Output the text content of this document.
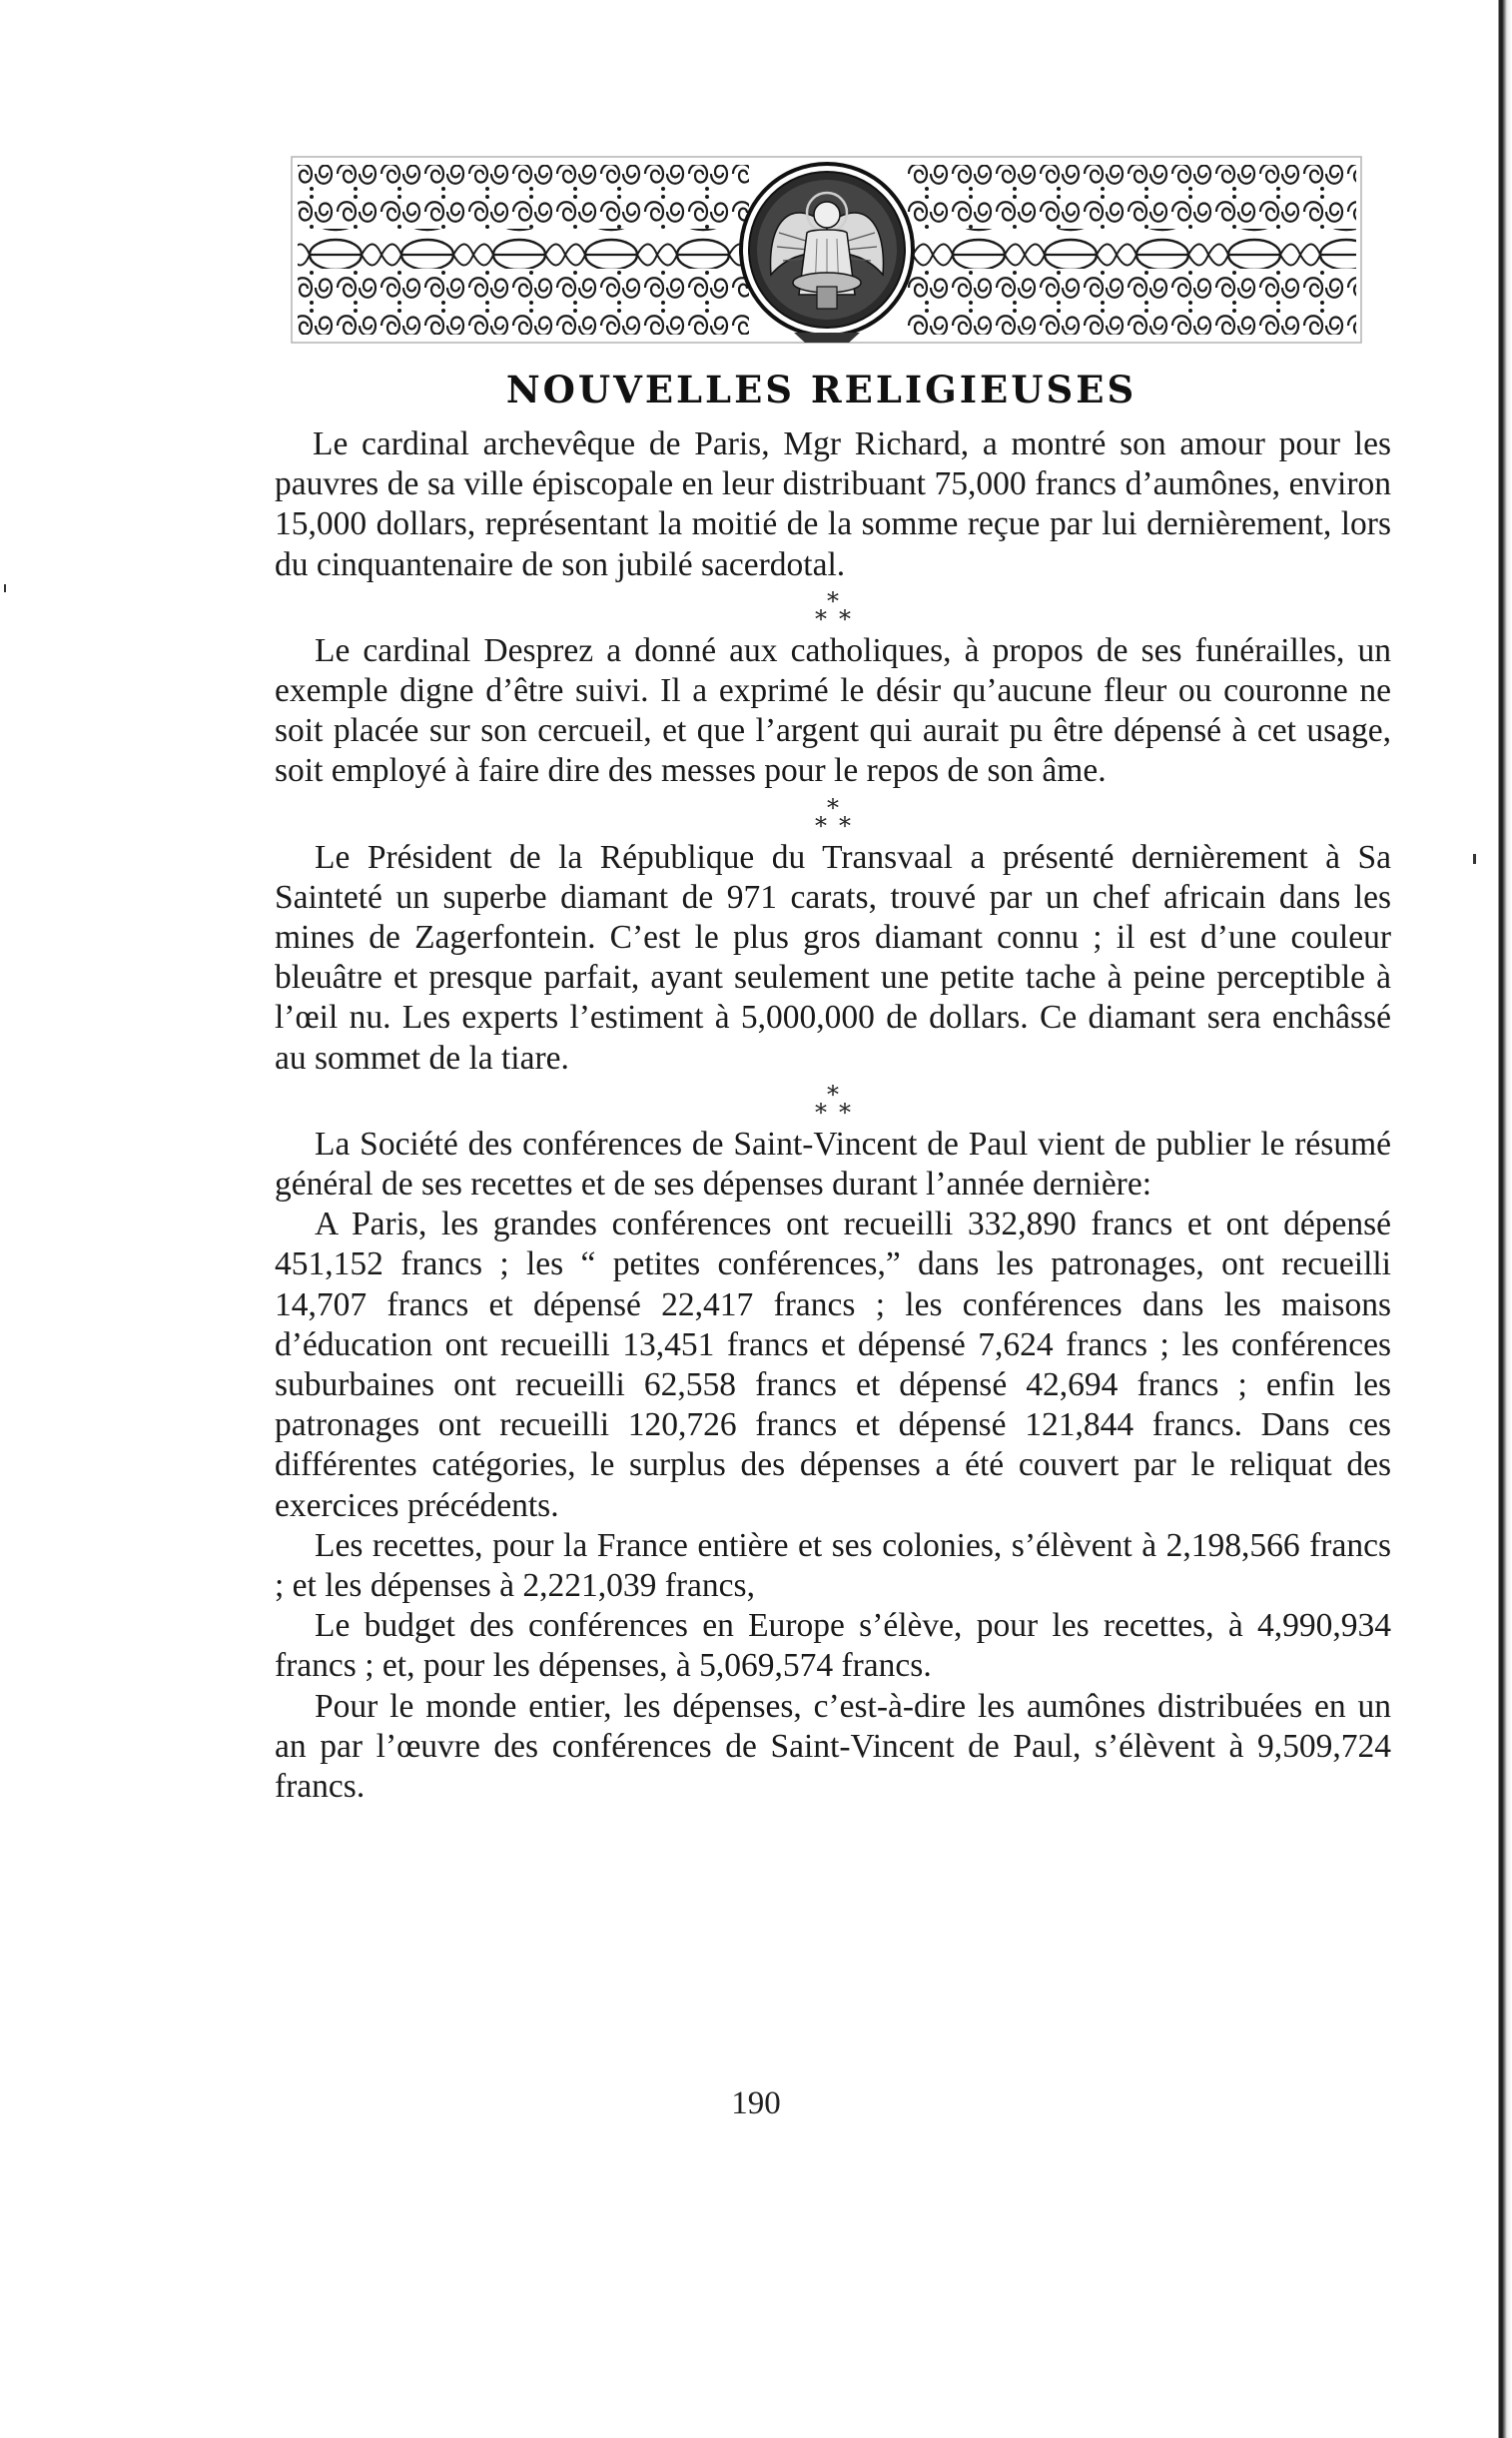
NOUVELLES RELIGIEUSES

Le cardinal archevêque de Paris, Mgr Richard, a montré son amour pour les pauvres de sa ville épiscopale en leur distribuant 75,000 francs d’aumônes, environ 15,000 dollars, représentant la moitié de la somme reçue par lui dernièrement, lors du cinquantenaire de son jubilé sacerdotal.

*
* *

Le cardinal Desprez a donné aux catholiques, à propos de ses funérailles, un exemple digne d’être suivi. Il a exprimé le désir qu’aucune fleur ou couronne ne soit placée sur son cercueil, et que l’argent qui aurait pu être dépensé à cet usage, soit employé à faire dire des messes pour le repos de son âme.

*
* *

Le Président de la République du Transvaal a présenté dernièrement à Sa Sainteté un superbe diamant de 971 carats, trouvé par un chef africain dans les mines de Zagerfontein. C’est le plus gros diamant connu ; il est d’une couleur bleuâtre et presque parfait, ayant seulement une petite tache à peine perceptible à l’œil nu. Les experts l’estiment à 5,000,000 de dollars. Ce diamant sera enchâssé au sommet de la tiare.

*
* *

La Société des conférences de Saint-Vincent de Paul vient de publier le résumé général de ses recettes et de ses dépenses durant l’année dernière:

A Paris, les grandes conférences ont recueilli 332,890 francs et ont dépensé 451,152 francs ; les “ petites conférences,” dans les patronages, ont recueilli 14,707 francs et dépensé 22,417 francs ; les conférences dans les maisons d’éducation ont recueilli 13,451 francs et dépensé 7,624 francs ; les conférences suburbaines ont recueilli 62,558 francs et dépensé 42,694 francs ; enfin les patronages ont recueilli 120,726 francs et dépensé 121,844 francs. Dans ces différentes catégories, le surplus des dépenses a été couvert par le reliquat des exercices précédents.

Les recettes, pour la France entière et ses colonies, s’élèvent à 2,198,566 francs ; et les dépenses à 2,221,039 francs,

Le budget des conférences en Europe s’élève, pour les recettes, à 4,990,934 francs ; et, pour les dépenses, à 5,069,574 francs.

Pour le monde entier, les dépenses, c’est-à-dire les aumônes distribuées en un an par l’œuvre des conférences de Saint-Vincent de Paul, s’élèvent à 9,509,724 francs.

190
